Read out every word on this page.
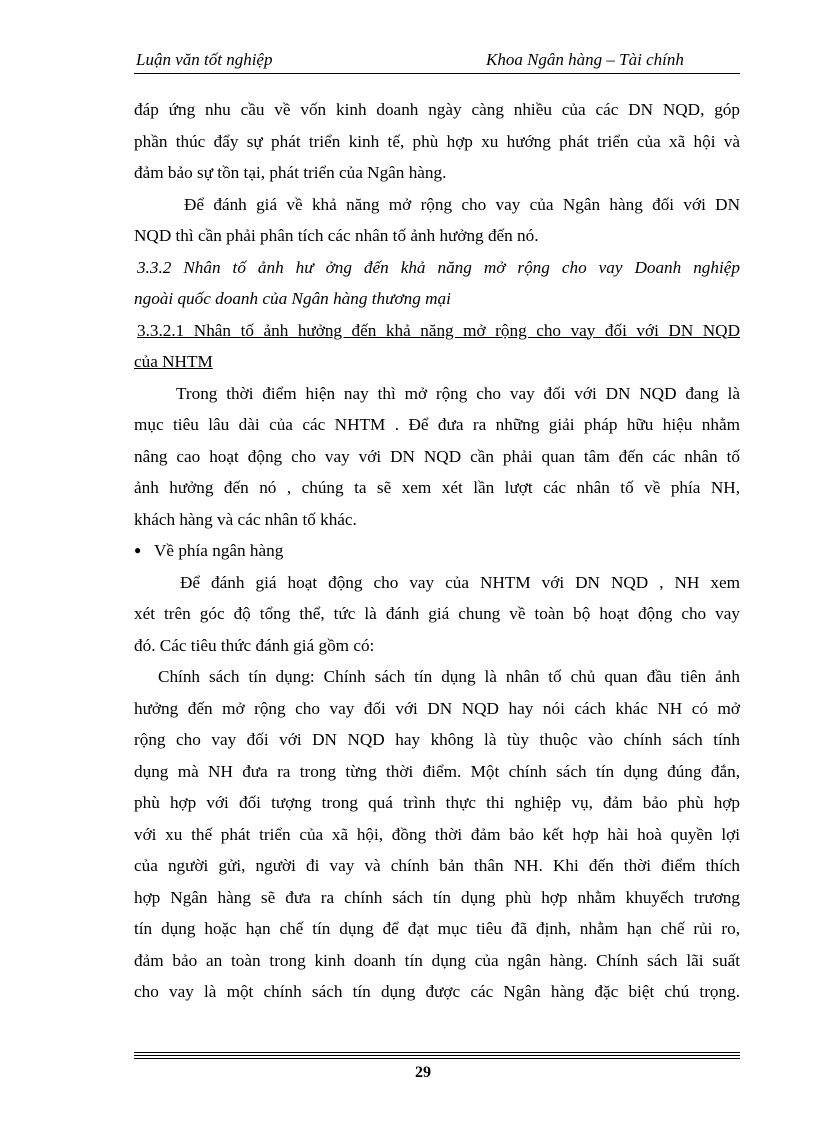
Luận văn tốt nghiệp	Khoa Ngân hàng – Tài chính
đáp ứng nhu cầu về vốn kinh doanh ngày càng nhiều của các DN NQD, góp
phần thúc đẩy sự phát triển kinh tế, phù hợp xu hướng phát triển của xã hội và
đảm bảo sự tồn tại, phát triển của Ngân hàng.
Để đánh giá về khả năng mở rộng cho vay của Ngân hàng đối với DN
NQD thì cần phải phân tích các nhân tố ảnh hưởng đến nó.
3.3.2 Nhân tố ảnh hư ởng đến khả năng mở rộng cho vay Doanh nghiệp
ngoài quốc doanh của Ngân hàng thương mại
3.3.2.1 Nhân tố ảnh hưởng đến khả năng mở rộng cho vay đối với DN NQD
của NHTM
Trong thời điểm hiện nay thì mở rộng cho vay đối với DN NQD đang là
mục tiêu lâu dài của các NHTM . Để đưa ra những giải pháp hữu hiệu nhằm
nâng cao hoạt động cho vay với DN NQD cần phải quan tâm đến các nhân tố
ảnh hưởng đến nó , chúng ta sẽ xem xét lần lượt các nhân tố về phía NH,
khách hàng và các nhân tố khác.
● Về phía ngân hàng
Để đánh giá hoạt động cho vay của NHTM với DN NQD , NH xem
xét trên góc độ tổng thể, tức là đánh giá chung về toàn bộ hoạt động cho vay
đó. Các tiêu thức đánh giá gồm có:
Chính sách tín dụng: Chính sách tín dụng là nhân tố chủ quan đầu tiên ảnh
hưởng đến mở rộng cho vay đối với DN NQD hay nói cách khác NH có mở
rộng cho vay đối với DN NQD hay không là tùy thuộc vào chính sách tính
dụng mà NH đưa ra trong từng thời điểm. Một chính sách tín dụng đúng đắn,
phù hợp với đối tượng trong quá trình thực thi nghiệp vụ, đảm bảo phù hợp
với xu thế phát triển của xã hội, đồng thời đảm bảo kết hợp hài hoà quyền lợi
của người gửi, người đi vay và chính bản thân NH. Khi đến thời điểm thích
hợp Ngân hàng sẽ đưa ra chính sách tín dụng phù hợp nhằm khuyếch trương
tín dụng hoặc hạn chế tín dụng để đạt mục tiêu đã định, nhằm hạn chế rủi ro,
đảm bảo an toàn trong kinh doanh tín dụng của ngân hàng. Chính sách lãi suất
cho vay là một chính sách tín dụng được các Ngân hàng đặc biệt chú trọng.
29
